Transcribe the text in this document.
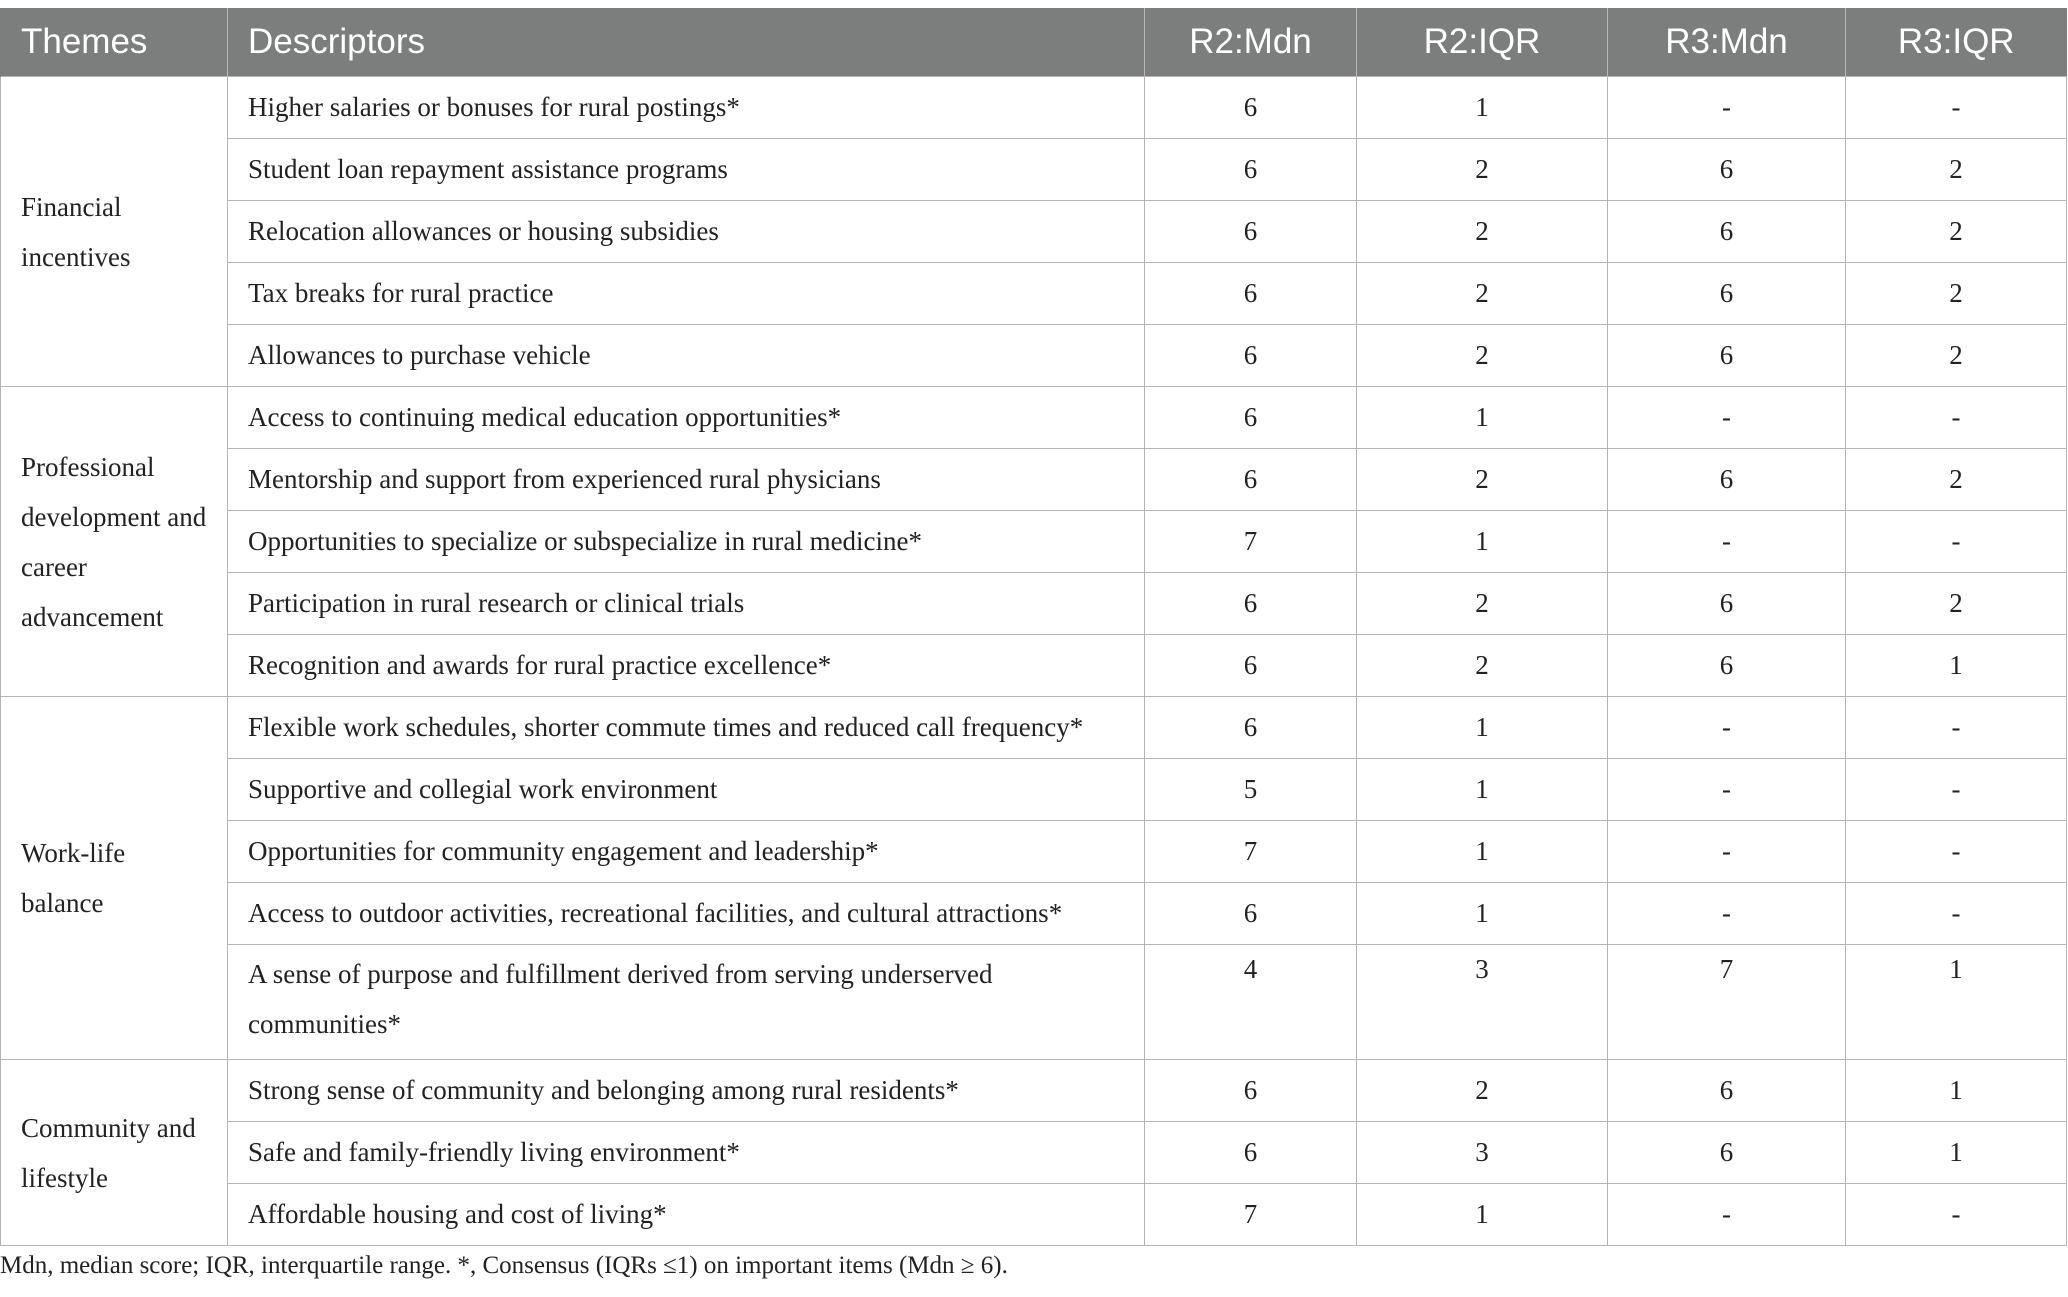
Themes	Descriptors	R2:Mdn	R2:IQR	R3:Mdn	R3:IQR
Financial incentives	Higher salaries or bonuses for rural postings*	6	1	-	-
	Student loan repayment assistance programs	6	2	6	2
	Relocation allowances or housing subsidies	6	2	6	2
	Tax breaks for rural practice	6	2	6	2
	Allowances to purchase vehicle	6	2	6	2
Professional development and career advancement	Access to continuing medical education opportunities*	6	1	-	-
	Mentorship and support from experienced rural physicians	6	2	6	2
	Opportunities to specialize or subspecialize in rural medicine*	7	1	-	-
	Participation in rural research or clinical trials	6	2	6	2
	Recognition and awards for rural practice excellence*	6	2	6	1
Work-life balance	Flexible work schedules, shorter commute times and reduced call frequency*	6	1	-	-
	Supportive and collegial work environment	5	1	-	-
	Opportunities for community engagement and leadership*	7	1	-	-
	Access to outdoor activities, recreational facilities, and cultural attractions*	6	1	-	-
	A sense of purpose and fulfillment derived from serving underserved communities*	4	3	7	1
Community and lifestyle	Strong sense of community and belonging among rural residents*	6	2	6	1
	Safe and family-friendly living environment*	6	3	6	1
	Affordable housing and cost of living*	7	1	-	-
Mdn, median score; IQR, interquartile range. *, Consensus (IQRs ≤1) on important items (Mdn ≥ 6).
